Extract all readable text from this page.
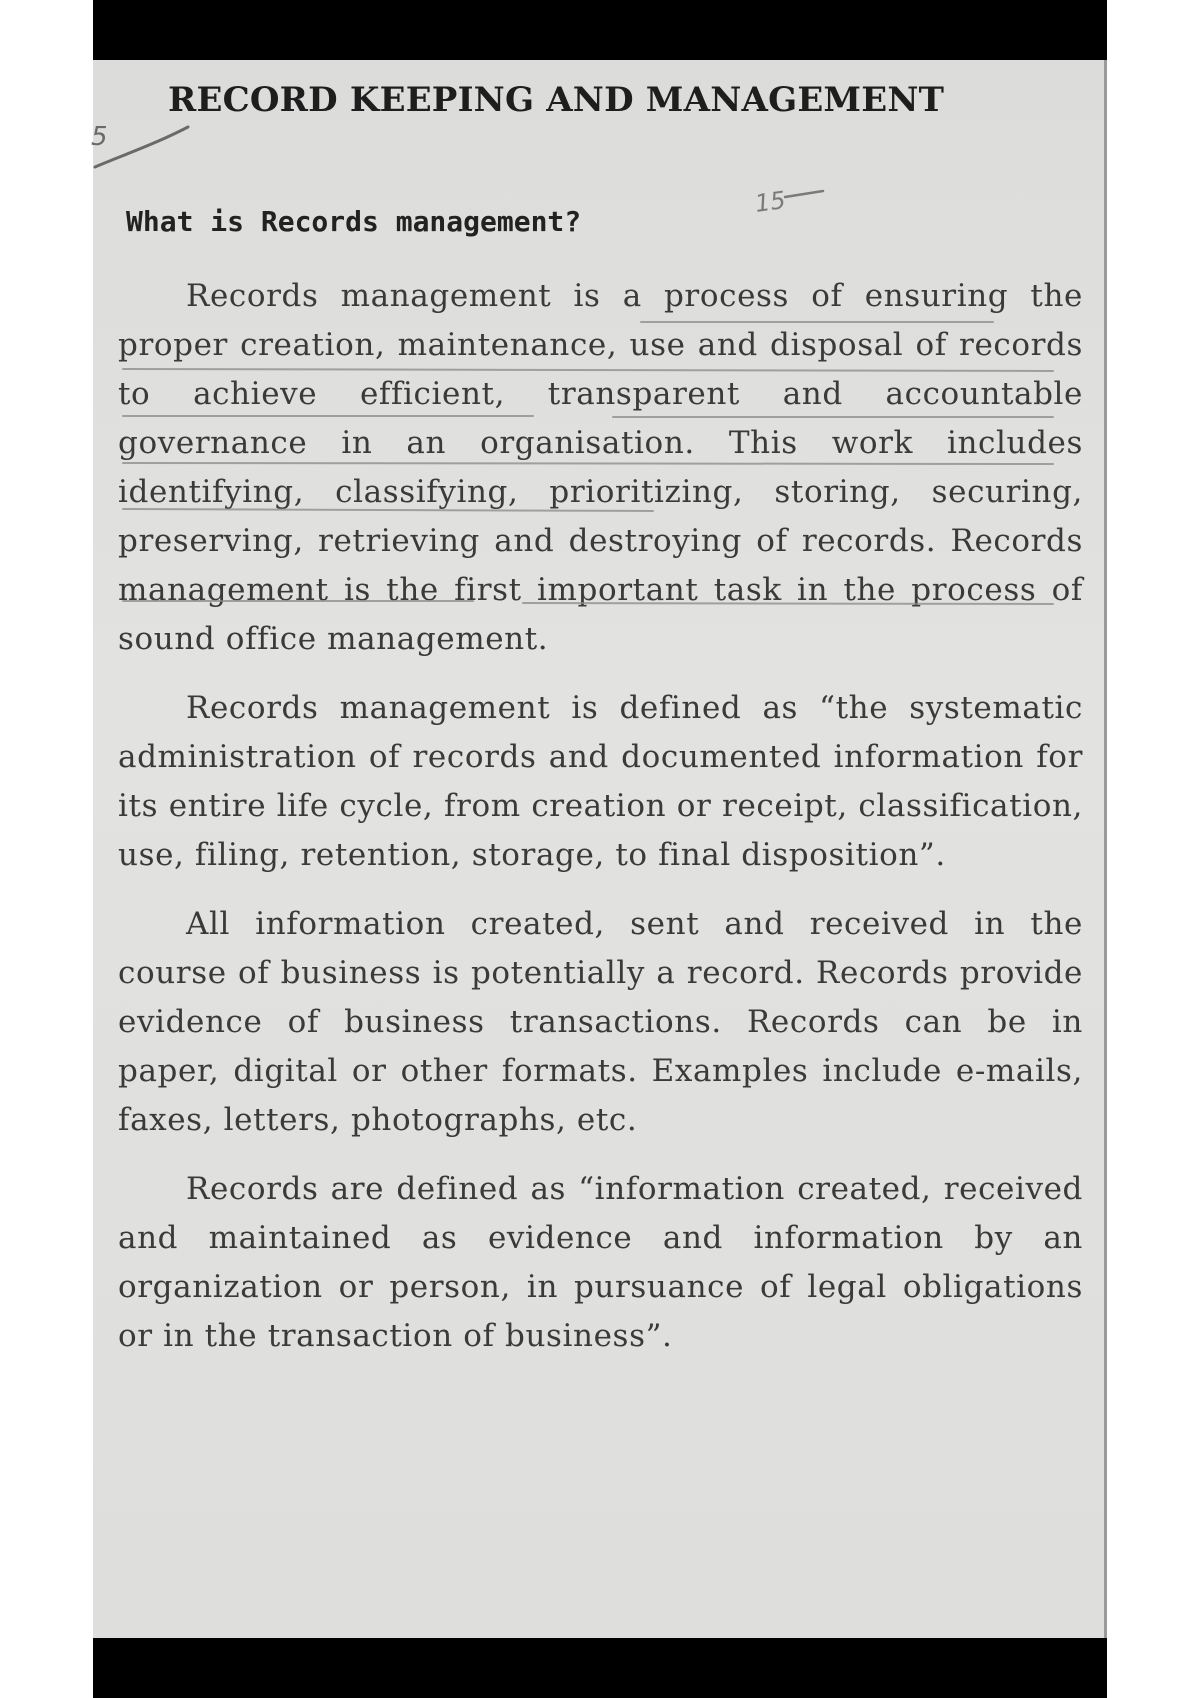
5
RECORD KEEPING AND MANAGEMENT
What is Records management?
15

Records management is a process of ensuring the proper creation, maintenance, use and disposal of records to achieve efficient, transparent and accountable governance in an organisation. This work includes identifying, classifying, prioritizing, storing, securing, preserving, retrieving and destroying of records. Records management is the first important task in the process of sound office management.

Records management is defined as “the systematic administration of records and documented information for its entire life cycle, from creation or receipt, classification, use, filing, retention, storage, to final disposition”.

All information created, sent and received in the course of business is potentially a record. Records provide evidence of business transactions. Records can be in paper, digital or other formats. Examples include e-mails, faxes, letters, photographs, etc.

Records are defined as “information created, received and maintained as evidence and information by an organization or person, in pursuance of legal obligations or in the transaction of business”.
